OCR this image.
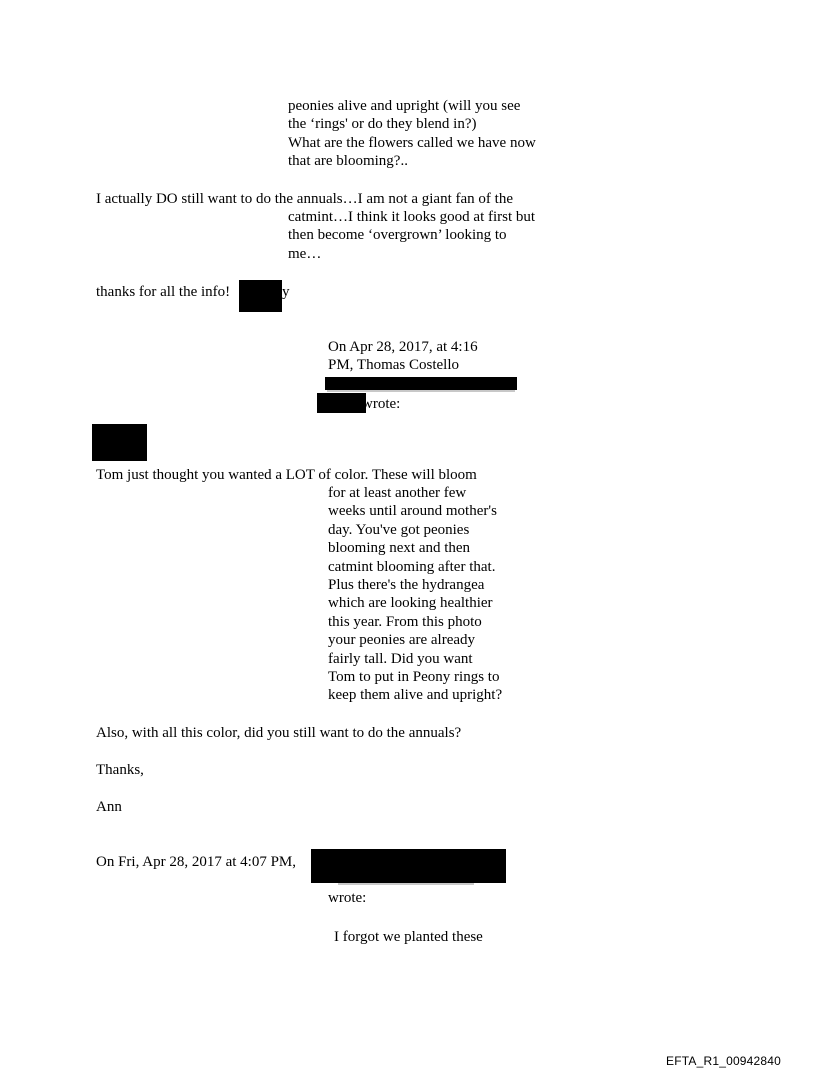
peonies alive and upright (will you see
the ‘rings' or do they blend in?)
What are the flowers called we have now
that are blooming?..
I actually DO still want to do the annuals…I am not a giant fan of the
catmint…I think it looks good at first but
then become ‘overgrown’ looking to
me…
thanks for all the info!	y
On Apr 28, 2017, at 4:16
PM, Thomas Costello
wrote:
Tom just thought you wanted a LOT of color. These will bloom
for at least another few
weeks until around mother's
day. You've got peonies
blooming next and then
catmint blooming after that.
Plus there's the hydrangea
which are looking healthier
this year. From this photo
your peonies are already
fairly tall. Did you want
Tom to put in Peony rings to
keep them alive and upright?
Also, with all this color, did you still want to do the annuals?
Thanks,
Ann
On Fri, Apr 28, 2017 at 4:07 PM,
wrote:
I forgot we planted these
EFTA_R1_00942840
